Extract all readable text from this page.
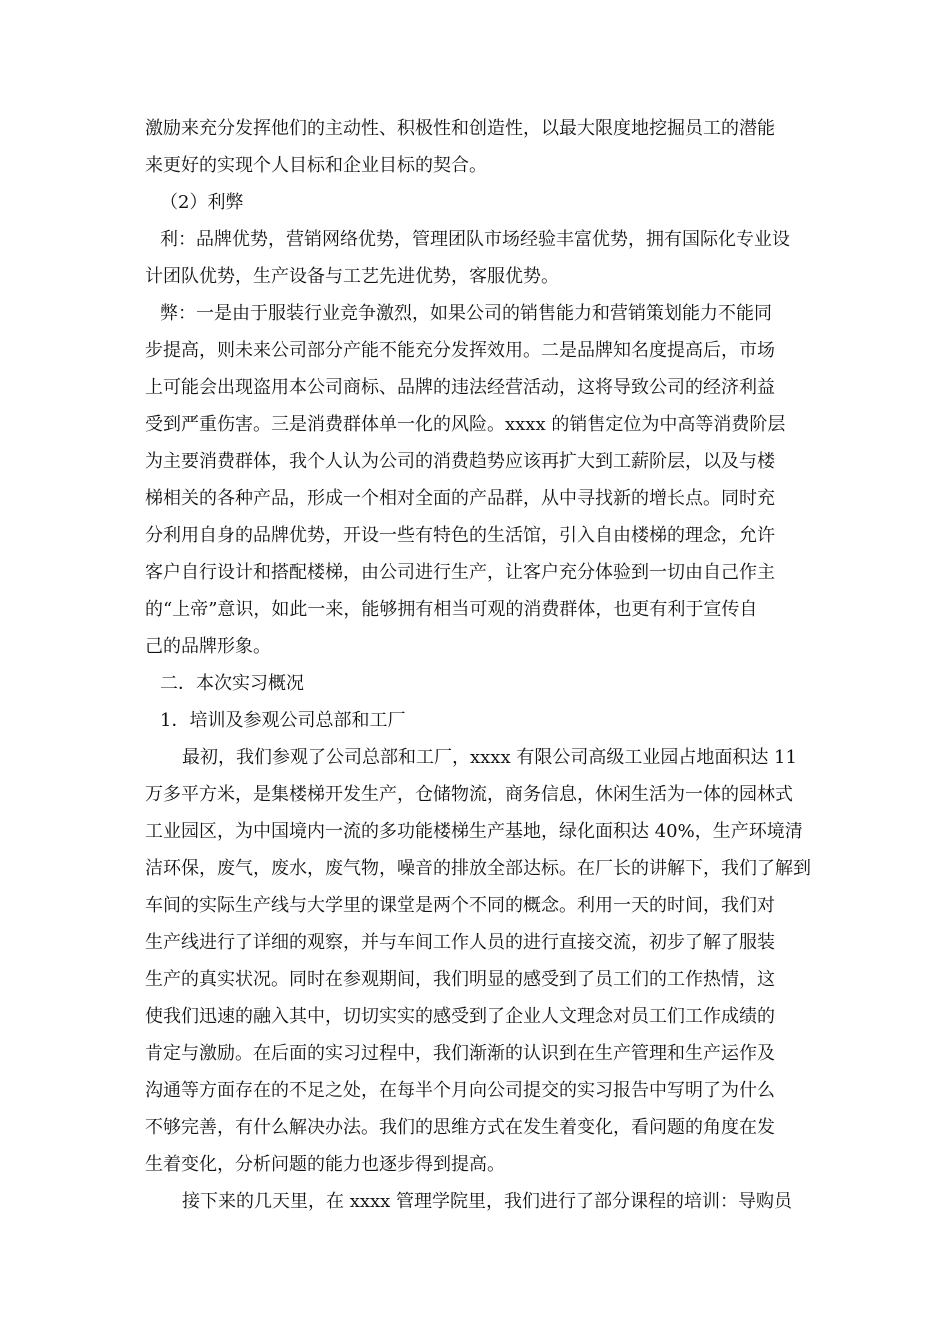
激励来充分发挥他们的主动性、积极性和创造性，以最大限度地挖掘员工的潜能
来更好的实现个人目标和企业目标的契合。
（2）利弊
利：品牌优势，营销网络优势，管理团队市场经验丰富优势，拥有国际化专业设
计团队优势，生产设备与工艺先进优势，客服优势。
弊：一是由于服装行业竞争激烈，如果公司的销售能力和营销策划能力不能同
步提高，则未来公司部分产能不能充分发挥效用。二是品牌知名度提高后，市场
上可能会出现盗用本公司商标、品牌的违法经营活动，这将导致公司的经济利益
受到严重伤害。三是消费群体单一化的风险。xxxx 的销售定位为中高等消费阶层
为主要消费群体，我个人认为公司的消费趋势应该再扩大到工薪阶层，以及与楼
梯相关的各种产品，形成一个相对全面的产品群，从中寻找新的增长点。同时充
分利用自身的品牌优势，开设一些有特色的生活馆，引入自由楼梯的理念，允许
客户自行设计和搭配楼梯，由公司进行生产，让客户充分体验到一切由自己作主
的“上帝”意识，如此一来，能够拥有相当可观的消费群体，也更有利于宣传自
己的品牌形象。
二．本次实习概况
1．培训及参观公司总部和工厂
最初，我们参观了公司总部和工厂，xxxx 有限公司高级工业园占地面积达 11
万多平方米，是集楼梯开发生产，仓储物流，商务信息，休闲生活为一体的园林式
工业园区，为中国境内一流的多功能楼梯生产基地，绿化面积达 40%，生产环境清
洁环保，废气，废水，废气物，噪音的排放全部达标。在厂长的讲解下，我们了解到
车间的实际生产线与大学里的课堂是两个不同的概念。利用一天的时间，我们对
生产线进行了详细的观察，并与车间工作人员的进行直接交流，初步了解了服装
生产的真实状况。同时在参观期间，我们明显的感受到了员工们的工作热情，这
使我们迅速的融入其中，切切实实的感受到了企业人文理念对员工们工作成绩的
肯定与激励。在后面的实习过程中，我们渐渐的认识到在生产管理和生产运作及
沟通等方面存在的不足之处，在每半个月向公司提交的实习报告中写明了为什么
不够完善，有什么解决办法。我们的思维方式在发生着变化，看问题的角度在发
生着变化，分析问题的能力也逐步得到提高。
接下来的几天里，在 xxxx 管理学院里，我们进行了部分课程的培训：导购员
